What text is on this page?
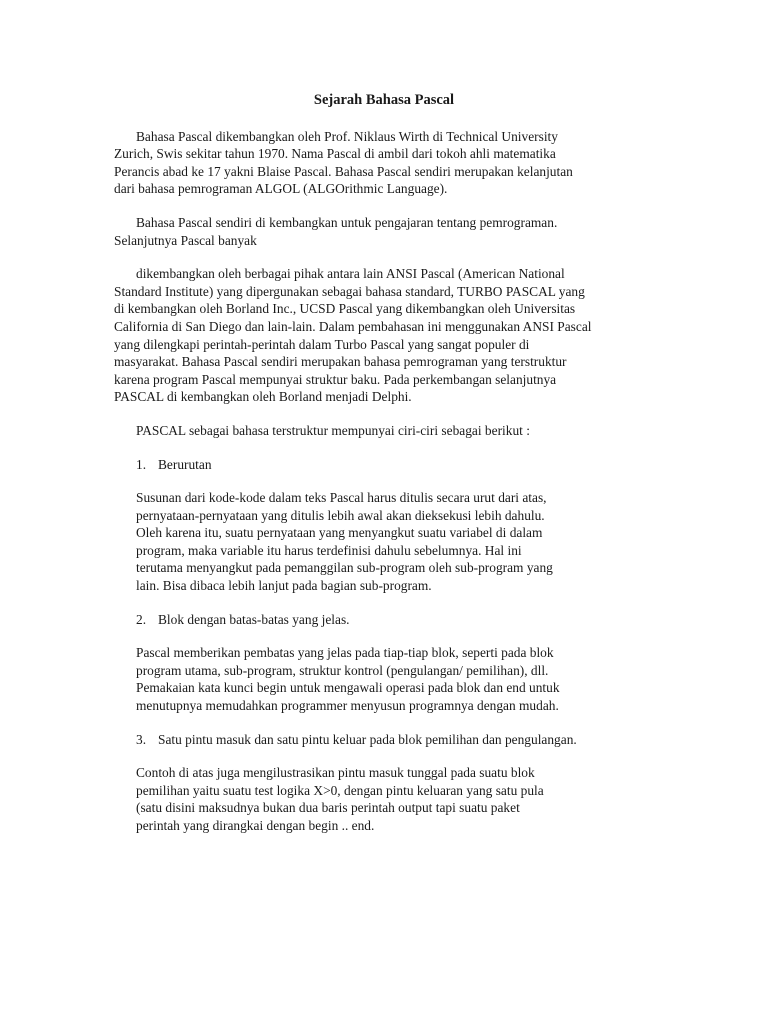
Sejarah Bahasa Pascal
Bahasa Pascal dikembangkan oleh Prof. Niklaus Wirth di Technical University
Zurich, Swis sekitar tahun 1970. Nama Pascal di ambil dari tokoh ahli matematika
Perancis abad ke 17 yakni Blaise Pascal. Bahasa Pascal sendiri merupakan kelanjutan
dari bahasa pemrograman ALGOL (ALGOrithmic Language).
Bahasa Pascal sendiri di kembangkan untuk pengajaran tentang pemrograman.
Selanjutnya Pascal banyak
dikembangkan oleh berbagai pihak antara lain ANSI Pascal (American National
Standard Institute) yang dipergunakan sebagai bahasa standard, TURBO PASCAL yang
di kembangkan oleh Borland Inc., UCSD Pascal yang dikembangkan oleh Universitas
California di San Diego dan lain-lain. Dalam pembahasan ini menggunakan ANSI Pascal
yang dilengkapi perintah-perintah dalam Turbo Pascal yang sangat populer di
masyarakat. Bahasa Pascal sendiri merupakan bahasa pemrograman yang terstruktur
karena program Pascal mempunyai struktur baku. Pada perkembangan selanjutnya
PASCAL di kembangkan oleh Borland menjadi Delphi.
PASCAL sebagai bahasa terstruktur mempunyai ciri-ciri sebagai berikut :
1. Berurutan
Susunan dari kode-kode dalam teks Pascal harus ditulis secara urut dari atas,
pernyataan-pernyataan yang ditulis lebih awal akan dieksekusi lebih dahulu.
Oleh karena itu, suatu pernyataan yang menyangkut suatu variabel di dalam
program, maka variable itu harus terdefinisi dahulu sebelumnya. Hal ini
terutama menyangkut pada pemanggilan sub-program oleh sub-program yang
lain. Bisa dibaca lebih lanjut pada bagian sub-program.
2. Blok dengan batas-batas yang jelas.
Pascal memberikan pembatas yang jelas pada tiap-tiap blok, seperti pada blok
program utama, sub-program, struktur kontrol (pengulangan/ pemilihan), dll.
Pemakaian kata kunci begin untuk mengawali operasi pada blok dan end untuk
menutupnya memudahkan programmer menyusun programnya dengan mudah.
3. Satu pintu masuk dan satu pintu keluar pada blok pemilihan dan pengulangan.
Contoh di atas juga mengilustrasikan pintu masuk tunggal pada suatu blok
pemilihan yaitu suatu test logika X>0, dengan pintu keluaran yang satu pula
(satu disini maksudnya bukan dua baris perintah output tapi suatu paket
perintah yang dirangkai dengan begin .. end.
